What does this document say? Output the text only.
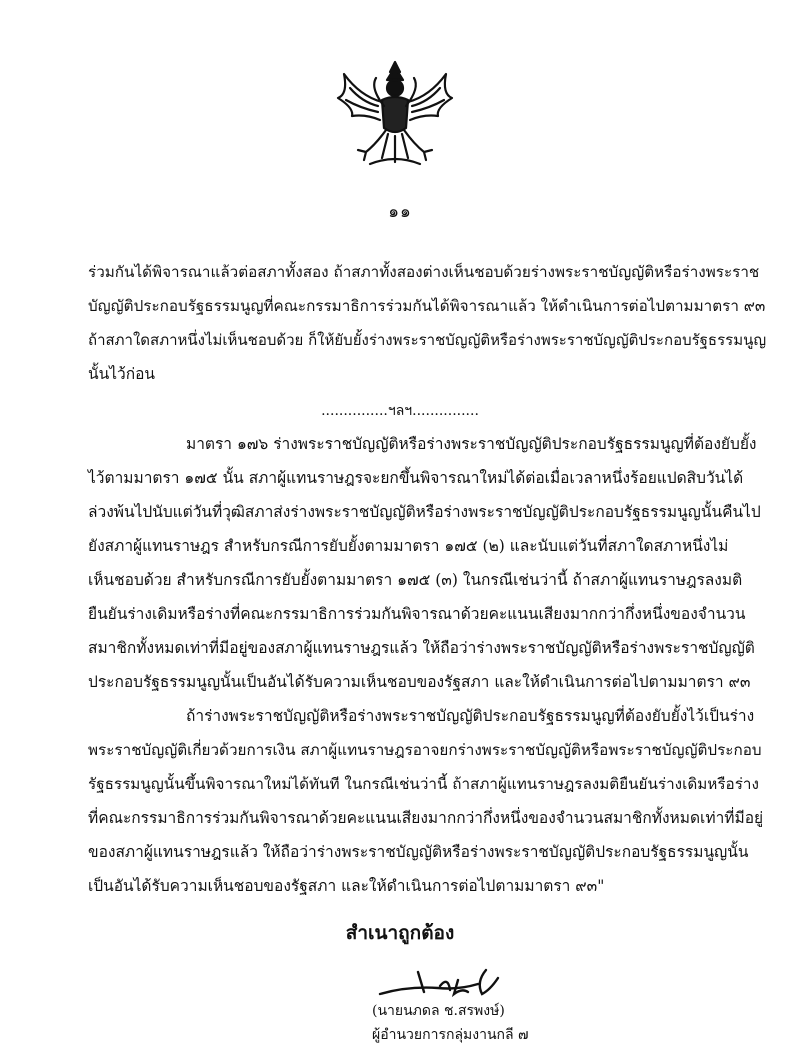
๑๑
ร่วมกันได้พิจารณาแล้วต่อสภาทั้งสอง ถ้าสภาทั้งสองต่างเห็นชอบด้วยร่างพระราชบัญญัติหรือร่างพระราช
บัญญัติประกอบรัฐธรรมนูญที่คณะกรรมาธิการร่วมกันได้พิจารณาแล้ว ให้ดำเนินการต่อไปตามมาตรา ๙๓
ถ้าสภาใดสภาหนึ่งไม่เห็นชอบด้วย ก็ให้ยับยั้งร่างพระราชบัญญัติหรือร่างพระราชบัญญัติประกอบรัฐธรรมนูญ
นั้นไว้ก่อน
...............ฯลฯ...............
มาตรา ๑๗๖ ร่างพระราชบัญญัติหรือร่างพระราชบัญญัติประกอบรัฐธรรมนูญที่ต้องยับยั้ง
ไว้ตามมาตรา ๑๗๕ นั้น สภาผู้แทนราษฎรจะยกขึ้นพิจารณาใหม่ได้ต่อเมื่อเวลาหนึ่งร้อยแปดสิบวันได้
ล่วงพ้นไปนับแต่วันที่วุฒิสภาส่งร่างพระราชบัญญัติหรือร่างพระราชบัญญัติประกอบรัฐธรรมนูญนั้นคืนไป
ยังสภาผู้แทนราษฎร สำหรับกรณีการยับยั้งตามมาตรา ๑๗๕ (๒) และนับแต่วันที่สภาใดสภาหนึ่งไม่
เห็นชอบด้วย สำหรับกรณีการยับยั้งตามมาตรา ๑๗๕ (๓) ในกรณีเช่นว่านี้ ถ้าสภาผู้แทนราษฎรลงมติ
ยืนยันร่างเดิมหรือร่างที่คณะกรรมาธิการร่วมกันพิจารณาด้วยคะแนนเสียงมากกว่ากึ่งหนึ่งของจำนวน
สมาชิกทั้งหมดเท่าที่มีอยู่ของสภาผู้แทนราษฎรแล้ว ให้ถือว่าร่างพระราชบัญญัติหรือร่างพระราชบัญญัติ
ประกอบรัฐธรรมนูญนั้นเป็นอันได้รับความเห็นชอบของรัฐสภา และให้ดำเนินการต่อไปตามมาตรา ๙๓
ถ้าร่างพระราชบัญญัติหรือร่างพระราชบัญญัติประกอบรัฐธรรมนูญที่ต้องยับยั้งไว้เป็นร่าง
พระราชบัญญัติเกี่ยวด้วยการเงิน สภาผู้แทนราษฎรอาจยกร่างพระราชบัญญัติหรือพระราชบัญญัติประกอบ
รัฐธรรมนูญนั้นขึ้นพิจารณาใหม่ได้ทันที ในกรณีเช่นว่านี้ ถ้าสภาผู้แทนราษฎรลงมติยืนยันร่างเดิมหรือร่าง
ที่คณะกรรมาธิการร่วมกันพิจารณาด้วยคะแนนเสียงมากกว่ากึ่งหนึ่งของจำนวนสมาชิกทั้งหมดเท่าที่มีอยู่
ของสภาผู้แทนราษฎรแล้ว ให้ถือว่าร่างพระราชบัญญัติหรือร่างพระราชบัญญัติประกอบรัฐธรรมนูญนั้น
เป็นอันได้รับความเห็นชอบของรัฐสภา และให้ดำเนินการต่อไปตามมาตรา ๙๓"
สำเนาถูกต้อง
(นายนภดล ช.สรพงษ์)
ผู้อำนวยการกลุ่มงานกลี ๗
